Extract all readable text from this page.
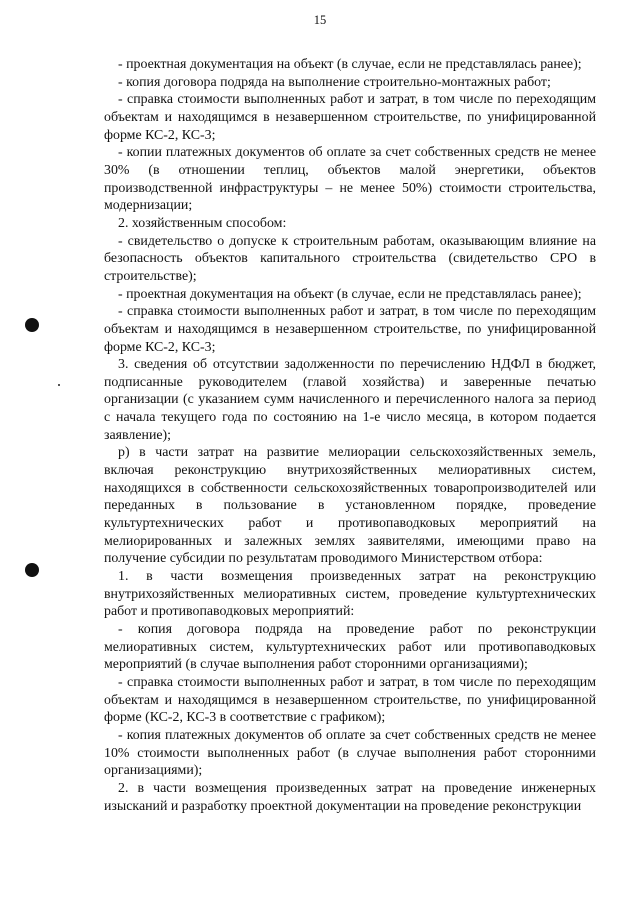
15

- проектная документация на объект (в случае, если не представлялась ранее);

- копия договора подряда на выполнение строительно-монтажных работ;

- справка стоимости выполненных работ и затрат, в том числе по переходящим объектам и находящимся в незавершенном строительстве, по унифицированной форме КС-2, КС-3;

- копии платежных документов об оплате за счет собственных средств не менее 30% (в отношении теплиц, объектов малой энергетики, объектов производственной инфраструктуры – не менее 50%) стоимости строительства, модернизации;

2. хозяйственным способом:

- свидетельство о допуске к строительным работам, оказывающим влияние на безопасность объектов капитального строительства (свидетельство СРО в строительстве);

- проектная документация на объект (в случае, если не представлялась ранее);

- справка стоимости выполненных работ и затрат, в том числе по переходящим объектам и находящимся в незавершенном строительстве, по унифицированной форме КС-2, КС-3;

3. сведения об отсутствии задолженности по перечислению НДФЛ в бюджет, подписанные руководителем (главой хозяйства) и заверенные печатью организации (с указанием сумм начисленного и перечисленного налога за период с начала текущего года по состоянию на 1-е число месяца, в котором подается заявление);

р) в части затрат на развитие мелиорации сельскохозяйственных земель, включая реконструкцию внутрихозяйственных мелиоративных систем, находящихся в собственности сельскохозяйственных товаропроизводителей или переданных в пользование в установленном порядке, проведение культуртехнических работ и противопаводковых мероприятий на мелиорированных и залежных землях заявителями, имеющими право на получение субсидии по результатам проводимого Министерством отбора:

1. в части возмещения произведенных затрат на реконструкцию внутрихозяйственных мелиоративных систем, проведение культуртехнических работ и противопаводковых мероприятий:

- копия договора подряда на проведение работ по реконструкции мелиоративных систем, культуртехнических работ или противопаводковых мероприятий (в случае выполнения работ сторонними организациями);

- справка стоимости выполненных работ и затрат, в том числе по переходящим объектам и находящимся в незавершенном строительстве, по унифицированной форме (КС-2, КС-3 в соответствие с графиком);

- копия платежных документов об оплате за счет собственных средств не менее 10% стоимости выполненных работ (в случае выполнения работ сторонними организациями);

2. в части возмещения произведенных затрат на проведение инженерных изысканий и разработку проектной документации на проведение реконструкции
